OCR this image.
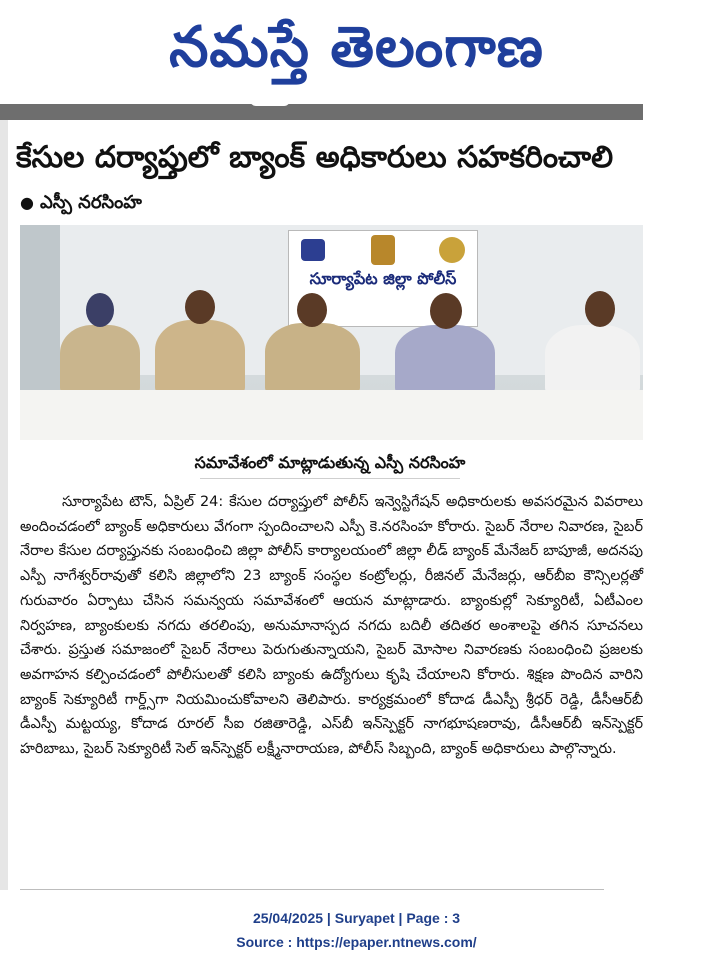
నమస్తే తెలంగాణ
కేసుల దర్యాప్తులో బ్యాంక్ అధికారులు సహకరించాలి
● ఎస్పీ నరసింహ
సూర్యాపేట జిల్లా పోలీస్
సమావేశంలో మాట్లాడుతున్న ఎస్పీ నరసింహ

సూర్యాపేట టౌన్, ఏప్రిల్ 24: కేసుల దర్యాప్తులో పోలీస్ ఇన్వెస్టిగేషన్ అధికారులకు అవసరమైన వివరాలు అందించడంలో బ్యాంక్ అధికారులు వేగంగా స్పందించాలని ఎస్పీ కె.నరసింహ కోరారు. సైబర్ నేరాల నివారణ, సైబర్ నేరాల కేసుల దర్యాప్తునకు సంబంధించి జిల్లా పోలీస్ కార్యాలయంలో జిల్లా లీడ్ బ్యాంక్ మేనేజర్ బాపూజీ, అదనపు ఎస్పీ నాగేశ్వర్‌రావుతో కలిసి జిల్లాలోని 23 బ్యాంక్ సంస్థల కంట్రోలర్లు, రీజినల్ మేనేజర్లు, ఆర్‌బీఐ కౌన్సిలర్లతో గురువారం ఏర్పాటు చేసిన సమన్వయ సమావేశంలో ఆయన మాట్లాడారు. బ్యాంకుల్లో సెక్యూరిటీ, ఏటీఎంల నిర్వహణ, బ్యాంకులకు నగదు తరలింపు, అనుమానాస్పద నగదు బదిలీ తదితర అంశాలపై తగిన సూచనలు చేశారు. ప్రస్తుత సమాజంలో సైబర్ నేరాలు పెరుగుతున్నాయని, సైబర్ మోసాల నివారణకు సంబంధించి ప్రజలకు అవగాహన కల్పించడంలో పోలీసులతో కలిసి బ్యాంకు ఉద్యోగులు కృషి చేయాలని కోరారు. శిక్షణ పొందిన వారిని బ్యాంక్ సెక్యూరిటీ గార్డ్స్‌గా నియమించుకోవాలని తెలిపారు. కార్యక్రమంలో కోదాడ డీఎస్పీ శ్రీధర్ రెడ్డి, డీసీఆర్‌బీ డీఎస్పీ మట్టయ్య, కోదాడ రూరల్ సీఐ రజితారెడ్డి, ఎస్‌బీ ఇన్‌స్పెక్టర్ నాగభూషణరావు, డీసీఆర్‌బీ ఇన్‌స్పెక్టర్ హరిబాబు, సైబర్ సెక్యూరిటీ సెల్ ఇన్‌స్పెక్టర్ లక్ష్మీనారాయణ, పోలీస్ సిబ్బంది, బ్యాంక్ అధికారులు పాల్గొన్నారు.

25/04/2025 | Suryapet | Page : 3
Source : https://epaper.ntnews.com/
